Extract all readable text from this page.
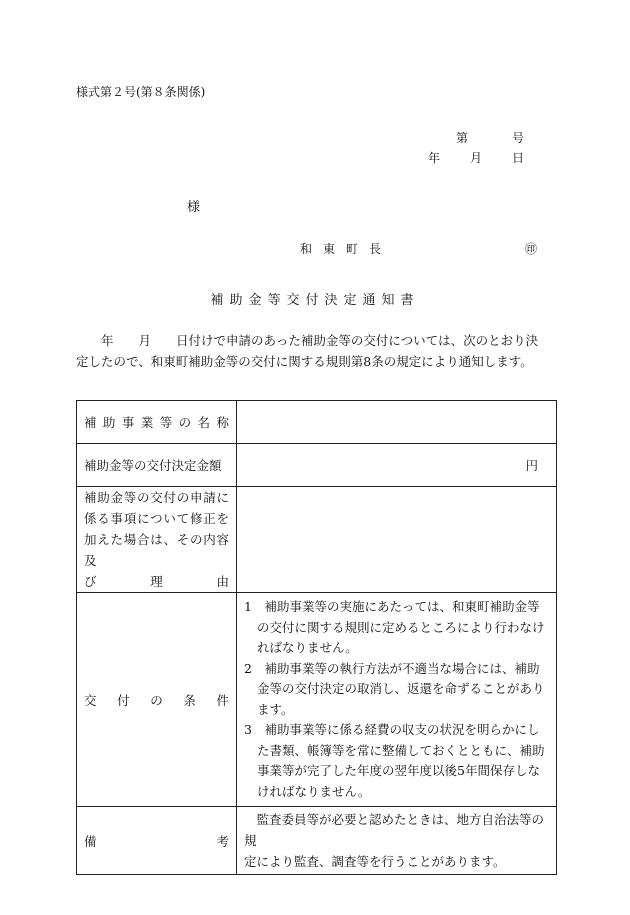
様式第２号(第８条関係)
第	号
年	月	日
様
和東町長	㊞
補助金等交付決定通知書
　　年　　月　　日付けで申請のあった補助金等の交付については、次のとおり決
定したので、和東町補助金等の交付に関する規則第8条の規定により通知します。
補助事業等の名称	
補助金等の交付決定金額	円

補助金等の交付の申請に
係る事項について修正を
加えた場合は、その内容及
び　　　理　　　由	

交付の条件	1　補助事業等の実施にあたっては、和東町補助金等の交付に関する規則に定めるところにより行わなければなりません。
2　補助事業等の執行方法が不適当な場合には、補助金等の交付決定の取消し、返還を命ずることがあります。
3　補助事業等に係る経費の収支の状況を明らかにした書類、帳簿等を常に整備しておくとともに、補助事業等が完了した年度の翌年度以後5年間保存しなければなりません。

備考	　監査委員等が必要と認めたときは、地方自治法等の規
定により監査、調査等を行うことがあります。
